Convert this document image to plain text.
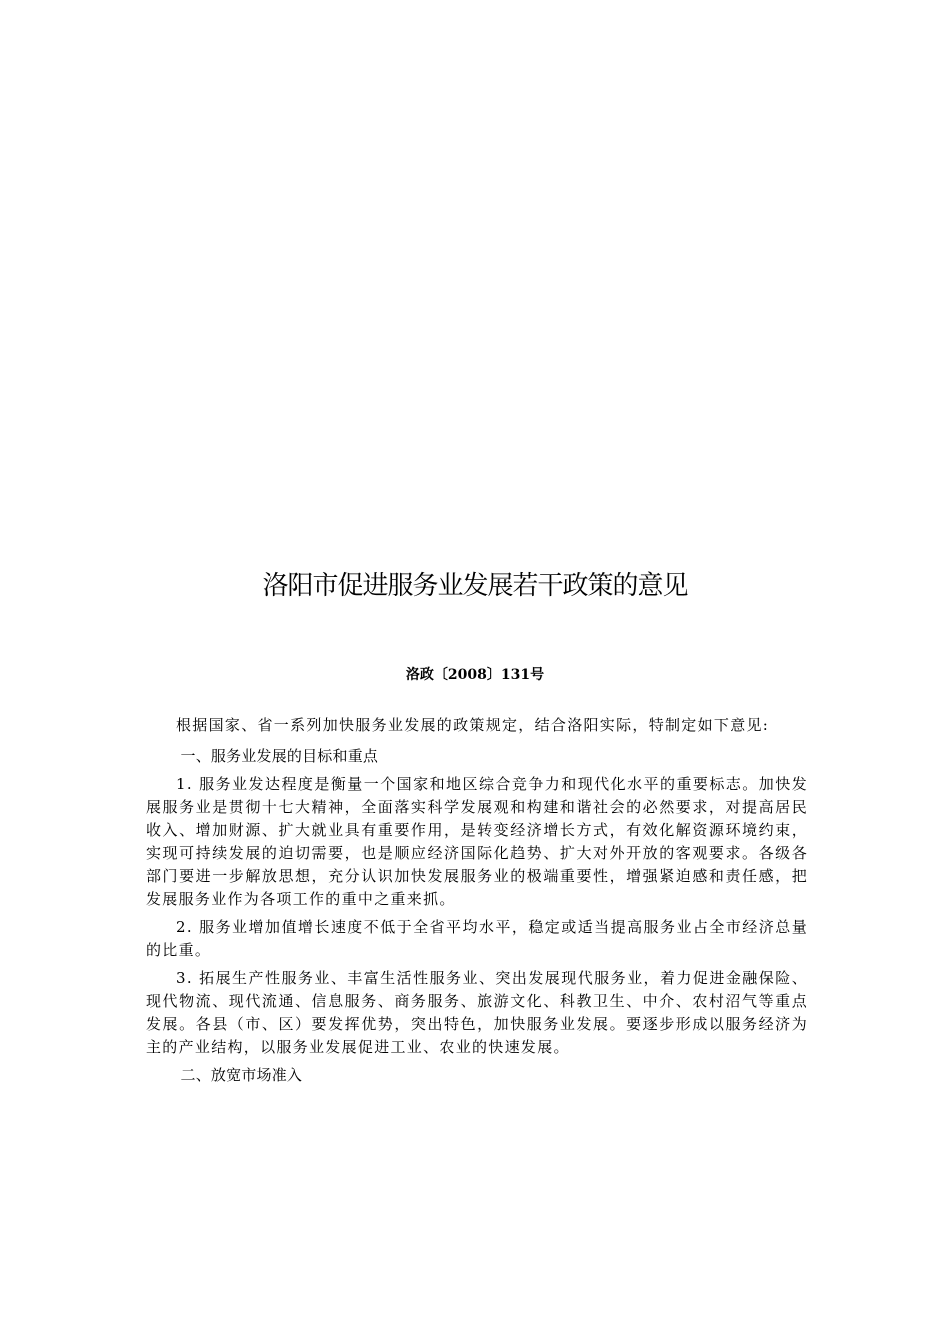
洛阳市促进服务业发展若干政策的意见
洛政〔2008〕131号

根据国家、省一系列加快服务业发展的政策规定，结合洛阳实际，特制定如下意见:

一、服务业发展的目标和重点

1. 服务业发达程度是衡量一个国家和地区综合竞争力和现代化水平的重要标志。加快发展服务业是贯彻十七大精神，全面落实科学发展观和构建和谐社会的必然要求，对提高居民收入、增加财源、扩大就业具有重要作用，是转变经济增长方式，有效化解资源环境约束，实现可持续发展的迫切需要，也是顺应经济国际化趋势、扩大对外开放的客观要求。各级各部门要进一步解放思想，充分认识加快发展服务业的极端重要性，增强紧迫感和责任感，把发展服务业作为各项工作的重中之重来抓。

2. 服务业增加值增长速度不低于全省平均水平，稳定或适当提高服务业占全市经济总量的比重。

3. 拓展生产性服务业、丰富生活性服务业、突出发展现代服务业，着力促进金融保险、现代物流、现代流通、信息服务、商务服务、旅游文化、科教卫生、中介、农村沼气等重点发展。各县（市、区）要发挥优势，突出特色，加快服务业发展。要逐步形成以服务经济为主的产业结构，以服务业发展促进工业、农业的快速发展。

二、放宽市场准入
